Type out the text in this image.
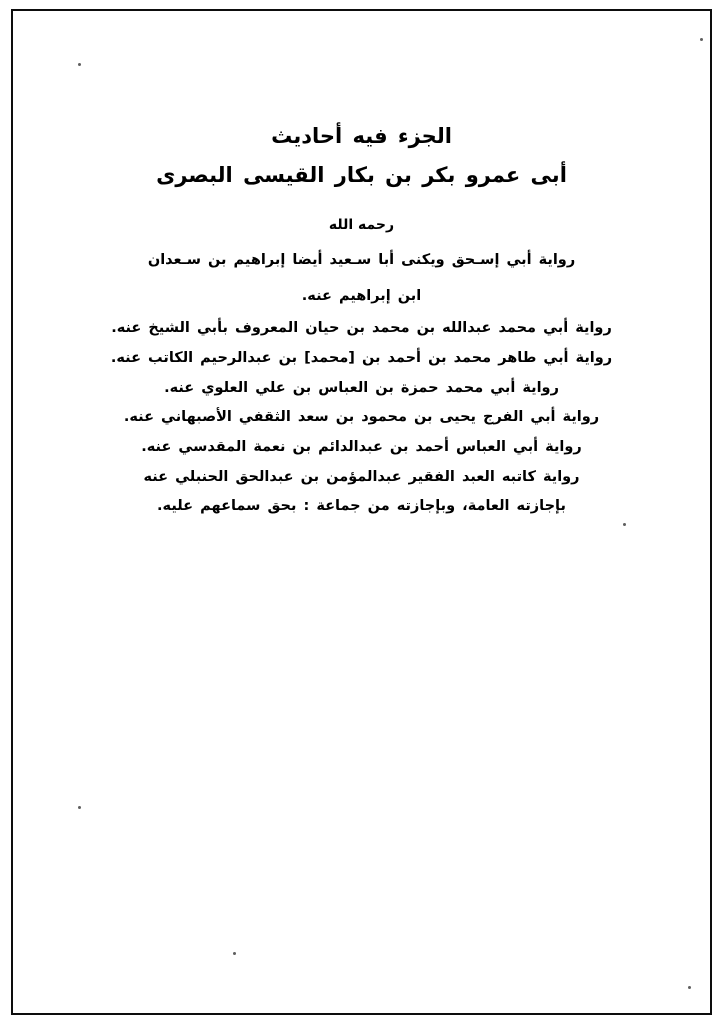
الجزء فيه أحاديث
أبى عمرو بكر بن بكار القيسى البصرى
رحمه الله
رواية أبي إسـحق ويكنى أبا سـعيد أيضا إبراهيم بن سـعدان
ابن إبراهيم عنه.
رواية أبي محمد عبدالله بن محمد بن حيان المعروف بأبي الشيخ عنه.
رواية أبي طاهر محمد بن أحمد بن [محمد] بن عبدالرحيم الكاتب عنه.
رواية أبي محمد حمزة بن العباس بن علي العلوي عنه.
رواية أبي الفرج يحيى بن محمود بن سعد الثقفي الأصبهاني عنه.
رواية أبي العباس أحمد بن عبدالدائم بن نعمة المقدسي عنه.
رواية كاتبه العبد الفقير عبدالمؤمن بن عبدالحق الحنبلي عنه
بإجازته العامة، وبإجازته من جماعة : بحق سماعهم عليه.
